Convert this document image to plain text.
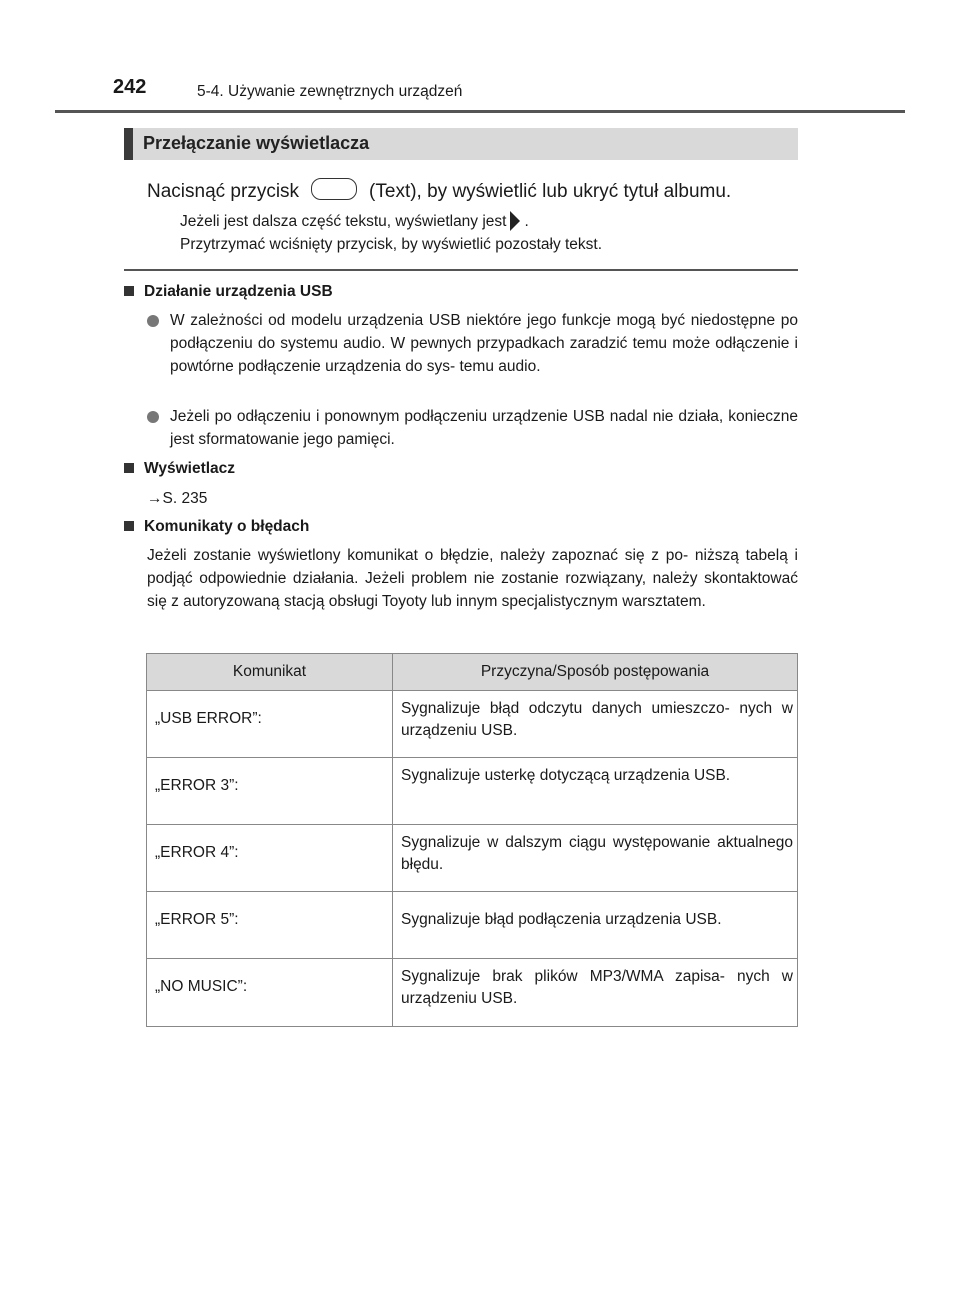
242	5-4. Używanie zewnętrznych urządzeń
Przełączanie wyświetlacza
Nacisnąć przycisk	(Text), by wyświetlić lub ukryć tytuł albumu.
Jeżeli jest dalsza część tekstu, wyświetlany jest .
Przytrzymać wciśnięty przycisk, by wyświetlić pozostały tekst.
Działanie urządzenia USB
W zależności od modelu urządzenia USB niektóre jego funkcje mogą być niedostępne po podłączeniu do systemu audio. W pewnych przypadkach zaradzić temu może odłączenie i powtórne podłączenie urządzenia do sys- temu audio.
Jeżeli po odłączeniu i ponownym podłączeniu urządzenie USB nadal nie działa, konieczne jest sformatowanie jego pamięci.
Wyświetlacz
→S. 235
Komunikaty o błędach
Jeżeli zostanie wyświetlony komunikat o błędzie, należy zapoznać się z po- niższą tabelą i podjąć odpowiednie działania. Jeżeli problem nie zostanie rozwiązany, należy skontaktować się z autoryzowaną stacją obsługi Toyoty lub innym specjalistycznym warsztatem.
Komunikat	Przyczyna/Sposób postępowania
„USB ERROR”:	Sygnalizuje błąd odczytu danych umieszczo- nych w urządzeniu USB.
„ERROR 3”:	Sygnalizuje usterkę dotyczącą urządzenia USB.
„ERROR 4”:	Sygnalizuje w dalszym ciągu występowanie aktualnego błędu.
„ERROR 5”:	Sygnalizuje błąd podłączenia urządzenia USB.
„NO MUSIC”:	Sygnalizuje brak plików MP3/WMA zapisa- nych w urządzeniu USB.
